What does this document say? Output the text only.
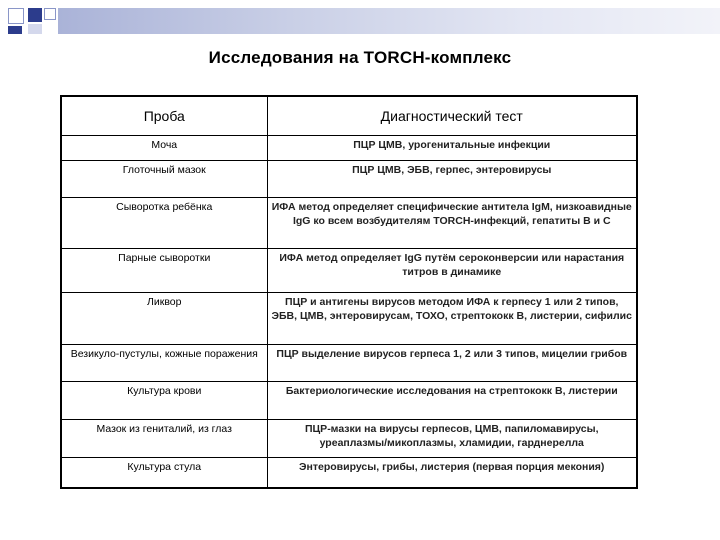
Исследования на TORCH-комплекс
Проба	Диагностический тест
Моча	ПЦР ЦМВ, урогенитальные инфекции
Глоточный мазок	ПЦР ЦМВ, ЭБВ, герпес, энтеровирусы
Сыворотка ребёнка	ИФА метод определяет специфические антитела IgM, низкоавидные IgG ко всем возбудителям TORCH-инфекций, гепатиты В и С
Парные сыворотки	ИФА метод определяет IgG путём сероконверсии или нарастания титров в динамике
Ликвор	ПЦР и антигены вирусов методом ИФА к герпесу 1 или 2 типов, ЭБВ, ЦМВ, энтеровирусам, ТОХО, стрептококк В, листерии, сифилис
Везикуло-пустулы, кожные поражения	ПЦР выделение вирусов герпеса 1, 2 или 3 типов, мицелии грибов
Культура крови	Бактериологические исследования на стрептококк В, листерии
Мазок из гениталий, из глаз	ПЦР-мазки на вирусы герпесов, ЦМВ, папиломавирусы, уреаплазмы/микоплазмы, хламидии, гарднерелла
Культура стула	Энтеровирусы, грибы, листерия (первая порция мекония)
